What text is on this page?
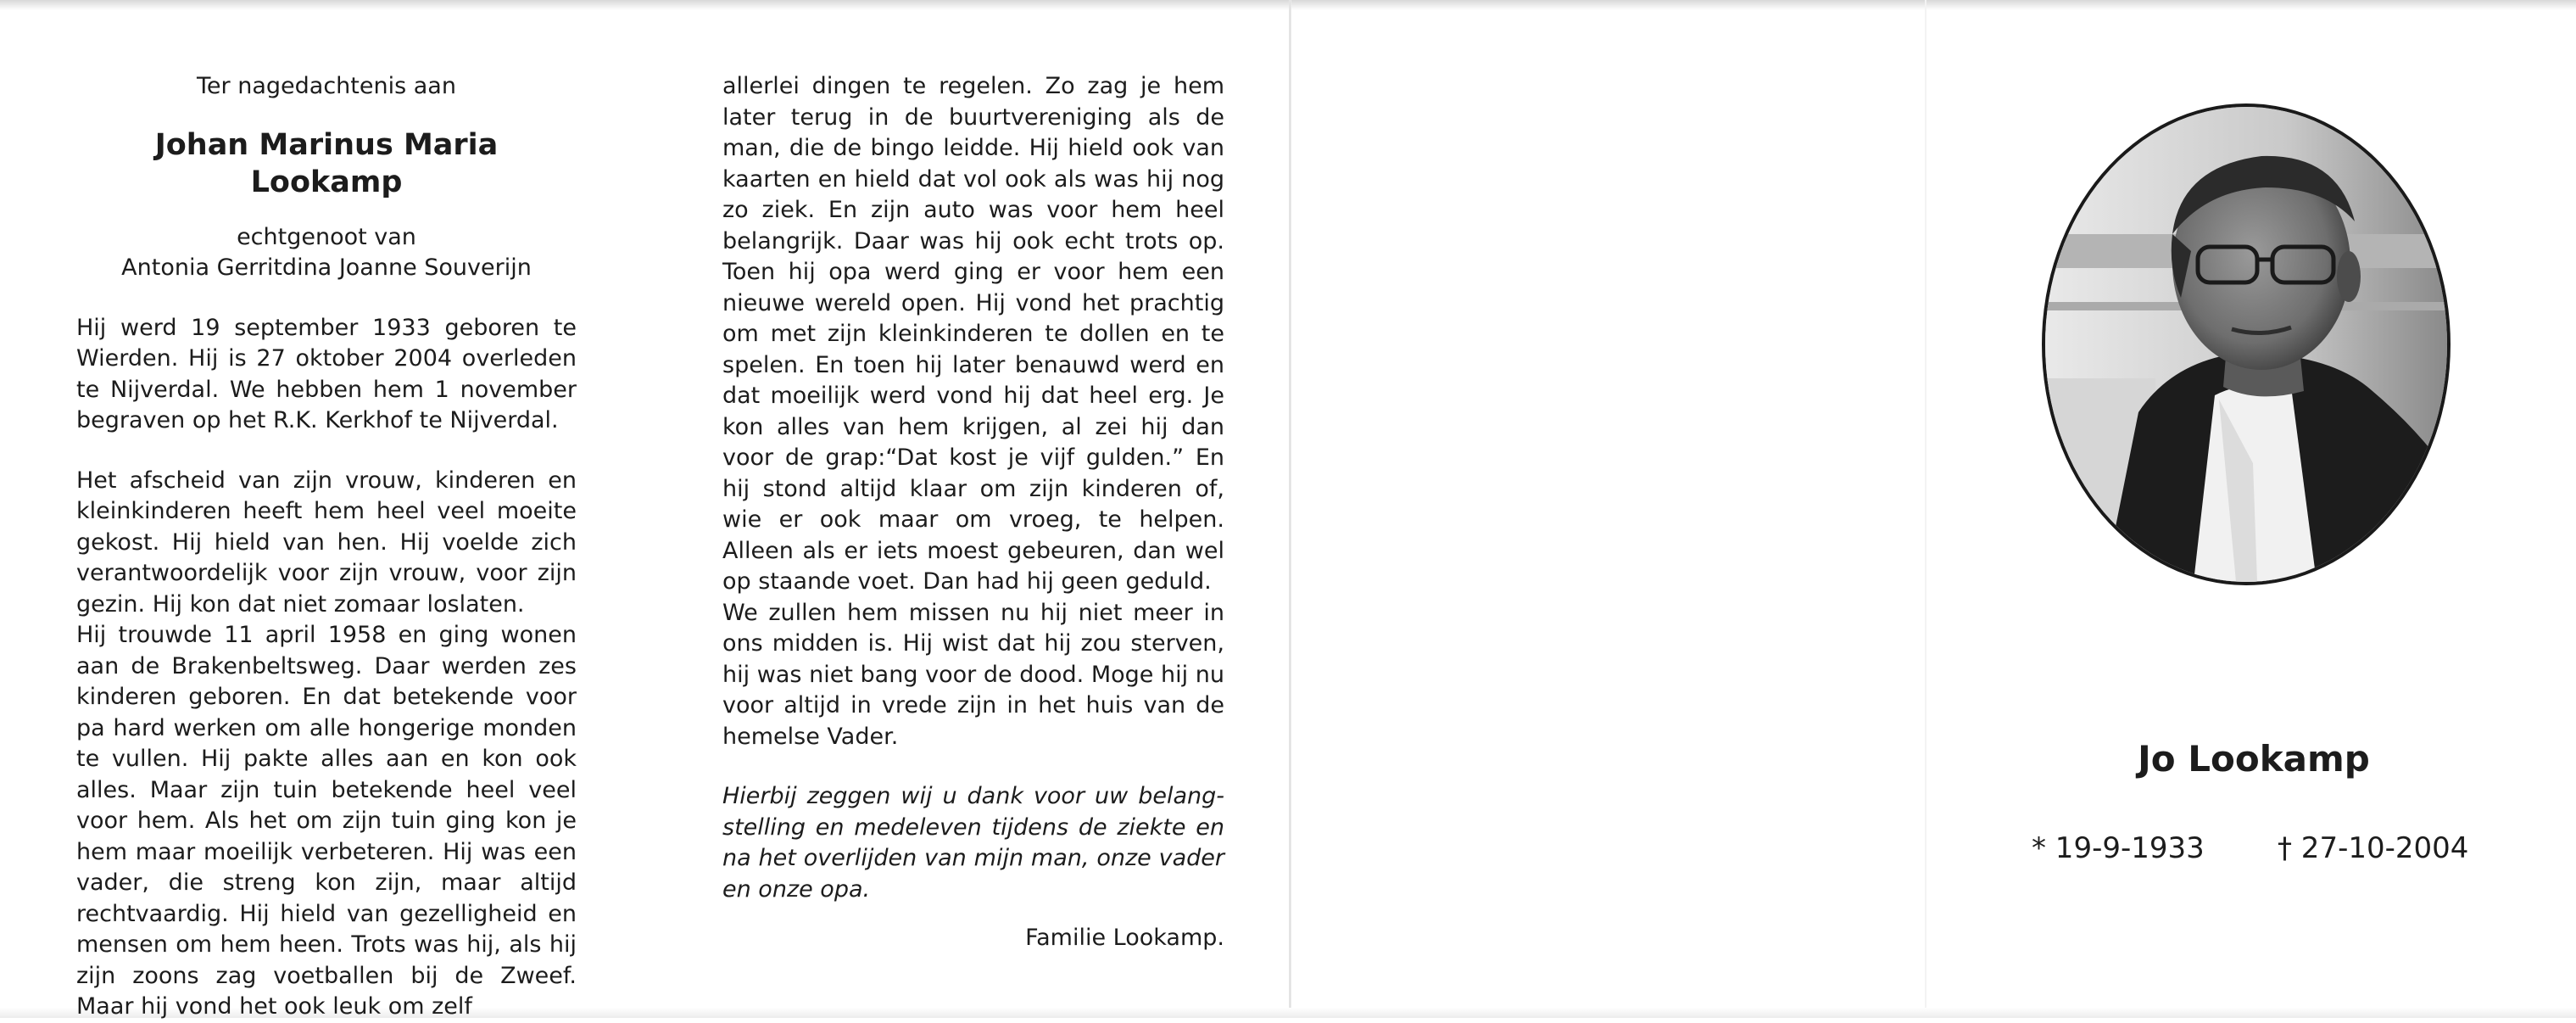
Ter nagedachtenis aan

Johan Marinus Maria Lookamp

echtgenoot van

Antonia Gerritdina Joanne Souverijn

Hij werd 19 september 1933 geboren te Wierden. Hij is 27 oktober 2004 overleden te Nijverdal. We hebben hem 1 november begraven op het R.K. Kerkhof te Nijverdal.

Het afscheid van zijn vrouw, kinderen en kleinkinderen heeft hem heel veel moeite gekost. Hij hield van hen. Hij voelde zich verantwoordelijk voor zijn vrouw, voor zijn gezin. Hij kon dat niet zomaar loslaten.

Hij trouwde 11 april 1958 en ging wonen aan de Brakenbeltsweg. Daar werden zes kinderen geboren. En dat betekende voor pa hard werken om alle hongerige monden te vullen. Hij pakte alles aan en kon ook alles. Maar zijn tuin betekende heel veel voor hem. Als het om zijn tuin ging kon je hem maar moeilijk verbeteren. Hij was een vader, die streng kon zijn, maar altijd rechtvaardig. Hij hield van gezelligheid en mensen om hem heen. Trots was hij, als hij zijn zoons zag voetballen bij de Zweef. Maar hij vond het ook leuk om zelf

allerlei dingen te regelen. Zo zag je hem later terug in de buurtvereniging als de man, die de bingo leidde. Hij hield ook van kaarten en hield dat vol ook als was hij nog zo ziek. En zijn auto was voor hem heel belangrijk. Daar was hij ook echt trots op. Toen hij opa werd ging er voor hem een nieuwe wereld open. Hij vond het prachtig om met zijn kleinkinderen te dollen en te spelen. En toen hij later benauwd werd en dat moeilijk werd vond hij dat heel erg. Je kon alles van hem krijgen, al zei hij dan voor de grap:“Dat kost je vijf gulden.” En hij stond altijd klaar om zijn kinderen of, wie er ook maar om vroeg, te helpen. Alleen als er iets moest gebeuren, dan wel op staande voet. Dan had hij geen geduld.

We zullen hem missen nu hij niet meer in ons midden is. Hij wist dat hij zou sterven, hij was niet bang voor de dood. Moge hij nu voor altijd in vrede zijn in het huis van de hemelse Vader.

Hierbij zeggen wij u dank voor uw belang-stelling en medeleven tijdens de ziekte en na het overlijden van mijn man, onze vader en onze opa.

Familie Lookamp.

Jo Lookamp
* 19-9-1933	† 27-10-2004
